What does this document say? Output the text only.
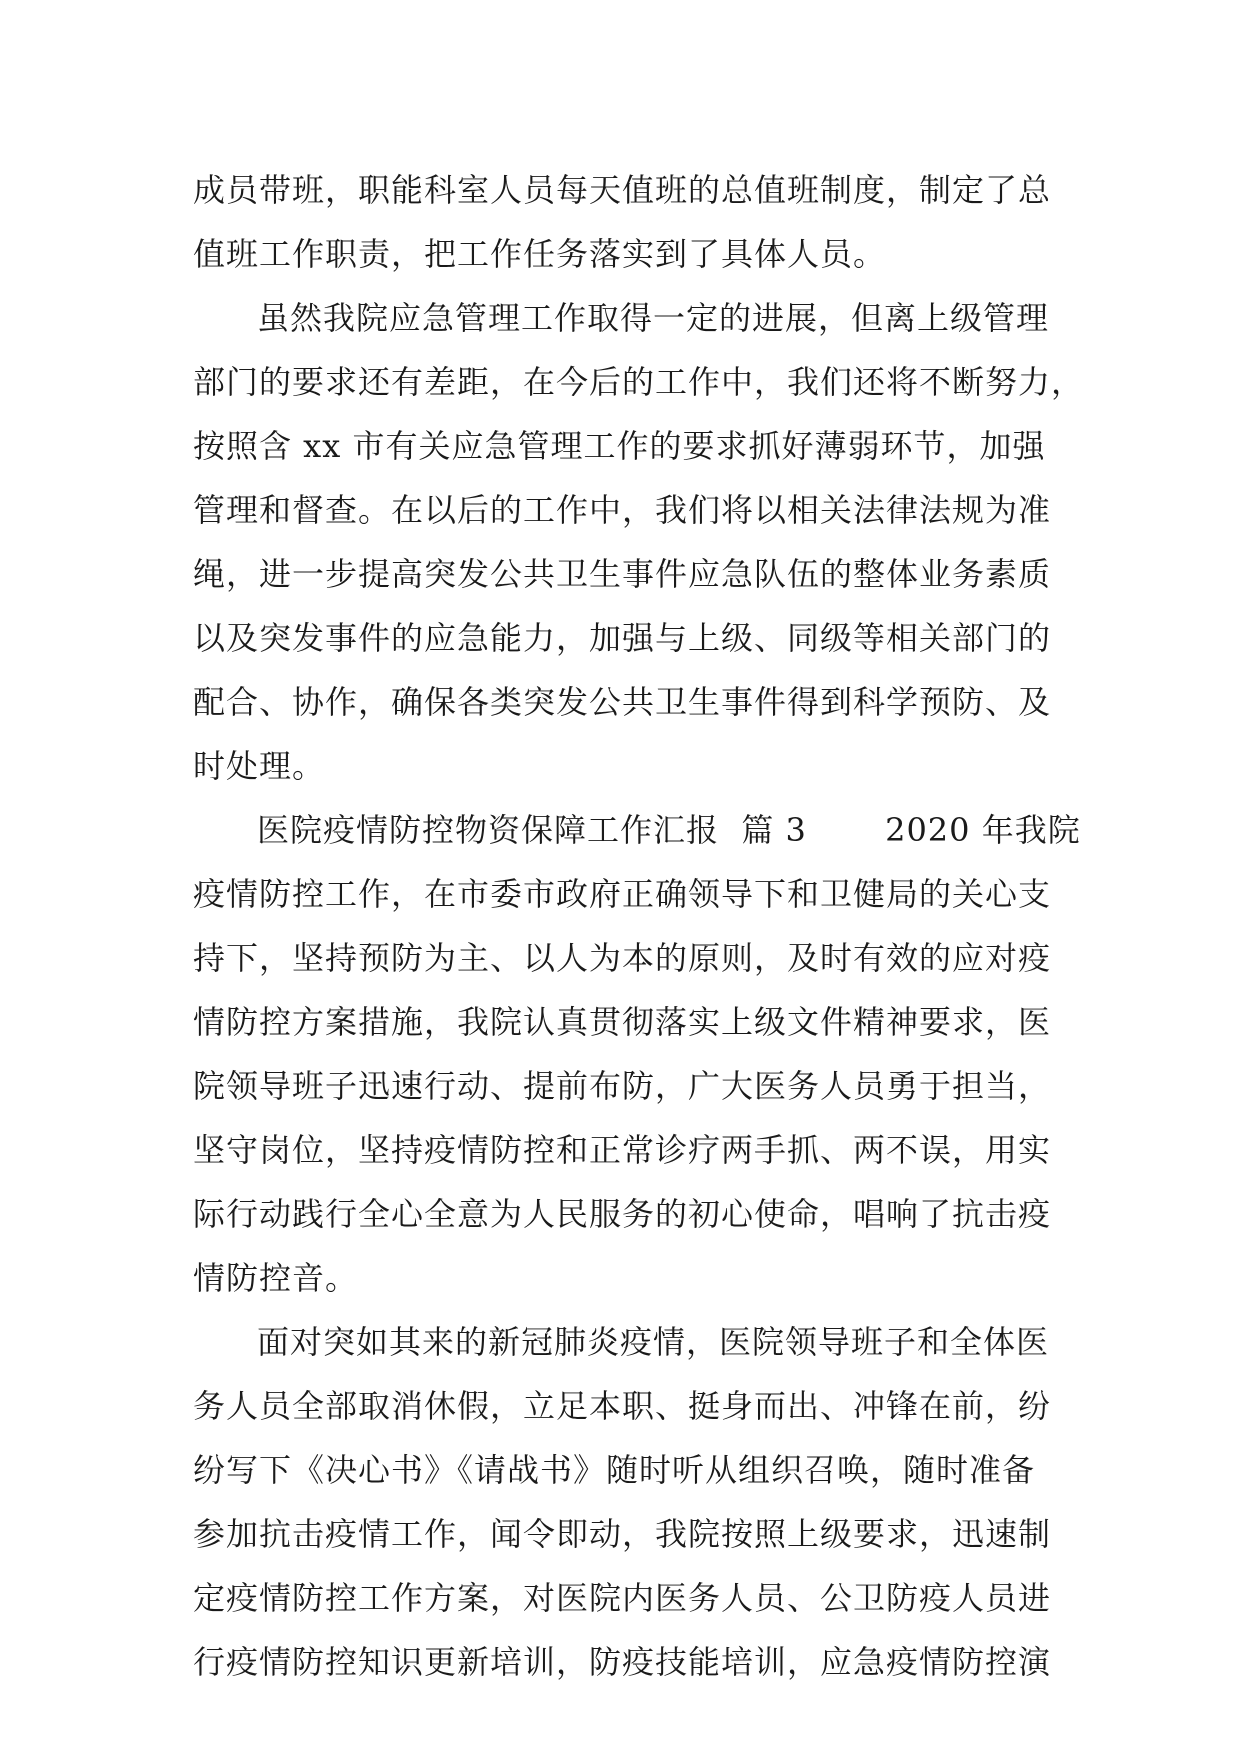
成员带班，职能科室人员每天值班的总值班制度，制定了总
值班工作职责，把工作任务落实到了具体人员。
虽然我院应急管理工作取得一定的进展，但离上级管理
部门的要求还有差距，在今后的工作中，我们还将不断努力，
按照含 xx 市有关应急管理工作的要求抓好薄弱环节，加强
管理和督查。在以后的工作中，我们将以相关法律法规为准
绳，进一步提高突发公共卫生事件应急队伍的整体业务素质
以及突发事件的应急能力，加强与上级、同级等相关部门的
配合、协作，确保各类突发公共卫生事件得到科学预防、及
时处理。
医院疫情防控物资保障工作汇报  篇 3       2020 年我院
疫情防控工作，在市委市政府正确领导下和卫健局的关心支
持下，坚持预防为主、以人为本的原则，及时有效的应对疫
情防控方案措施，我院认真贯彻落实上级文件精神要求，医
院领导班子迅速行动、提前布防，广大医务人员勇于担当，
坚守岗位，坚持疫情防控和正常诊疗两手抓、两不误，用实
际行动践行全心全意为人民服务的初心使命，唱响了抗击疫
情防控音。
面对突如其来的新冠肺炎疫情，医院领导班子和全体医
务人员全部取消休假，立足本职、挺身而出、冲锋在前，纷
纷写下《决心书》《请战书》随时听从组织召唤，随时准备
参加抗击疫情工作，闻令即动，我院按照上级要求，迅速制
定疫情防控工作方案，对医院内医务人员、公卫防疫人员进
行疫情防控知识更新培训，防疫技能培训，应急疫情防控演
